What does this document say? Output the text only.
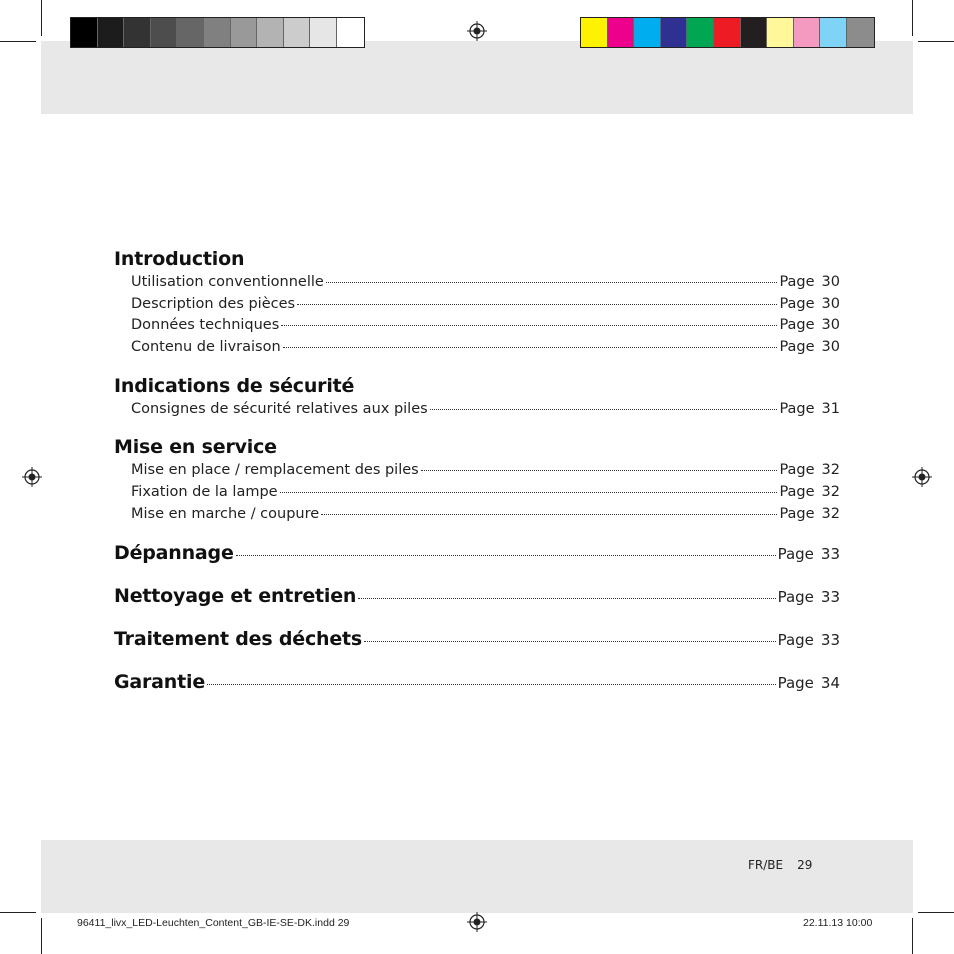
Introduction
Utilisation conventionnelle	Page 30
Description des pièces	Page 30
Données techniques	Page 30
Contenu de livraison	Page 30
Indications de sécurité
Consignes de sécurité relatives aux piles	Page 31
Mise en service
Mise en place / remplacement des piles	Page 32
Fixation de la lampe	Page 32
Mise en marche / coupure	Page 32
Dépannage	Page 33
Nettoyage et entretien	Page 33
Traitement des déchets	Page 33
Garantie	Page 34
FR/BE 29
96411_livx_LED-Leuchten_Content_GB-IE-SE-DK.indd 29	22.11.13 10:00
